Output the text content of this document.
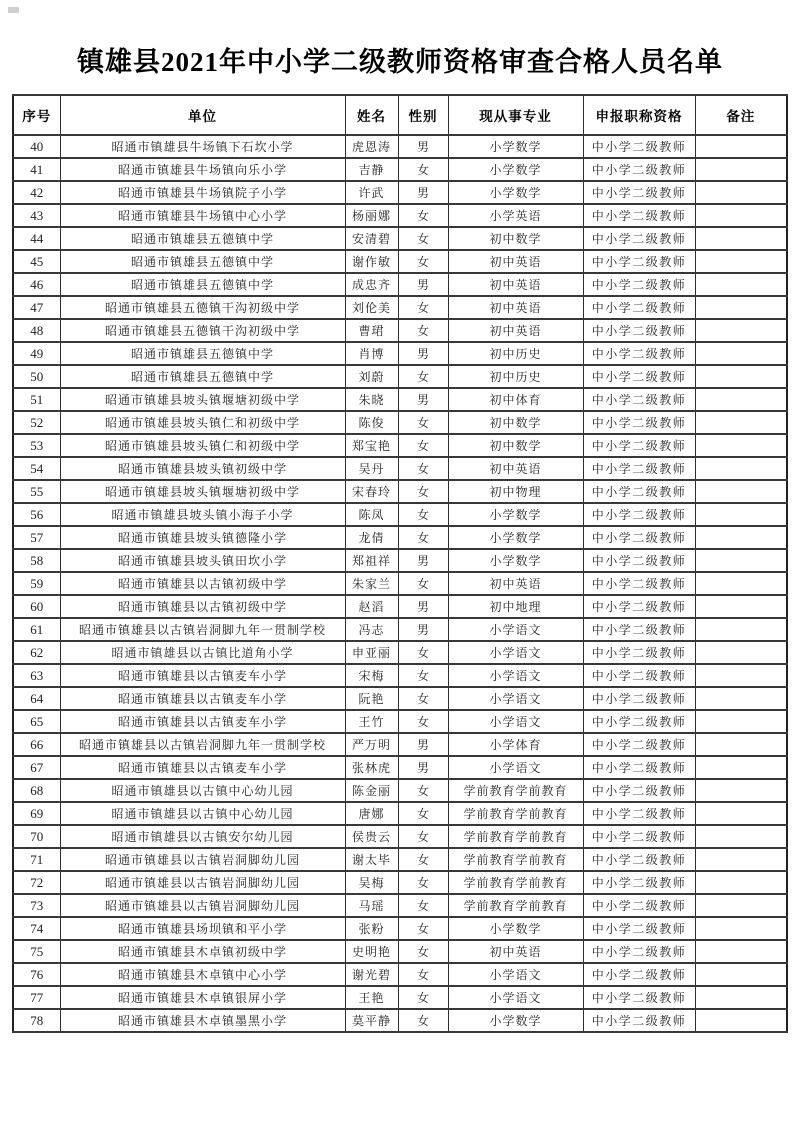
镇雄县2021年中小学二级教师资格审查合格人员名单
序号	单位	姓名	性别	现从事专业	申报职称资格	备注
40	昭通市镇雄县牛场镇下石坎小学	虎恩涛	男	小学数学	中小学二级教师	
41	昭通市镇雄县牛场镇向乐小学	吉静	女	小学数学	中小学二级教师	
42	昭通市镇雄县牛场镇院子小学	许武	男	小学数学	中小学二级教师	
43	昭通市镇雄县牛场镇中心小学	杨丽娜	女	小学英语	中小学二级教师	
44	昭通市镇雄县五德镇中学	安清碧	女	初中数学	中小学二级教师	
45	昭通市镇雄县五德镇中学	谢作敏	女	初中英语	中小学二级教师	
46	昭通市镇雄县五德镇中学	成忠齐	男	初中英语	中小学二级教师	
47	昭通市镇雄县五德镇干沟初级中学	刘伦美	女	初中英语	中小学二级教师	
48	昭通市镇雄县五德镇干沟初级中学	曹珺	女	初中英语	中小学二级教师	
49	昭通市镇雄县五德镇中学	肖博	男	初中历史	中小学二级教师	
50	昭通市镇雄县五德镇中学	刘蔚	女	初中历史	中小学二级教师	
51	昭通市镇雄县坡头镇堰塘初级中学	朱晓	男	初中体育	中小学二级教师	
52	昭通市镇雄县坡头镇仁和初级中学	陈俊	女	初中数学	中小学二级教师	
53	昭通市镇雄县坡头镇仁和初级中学	郑宝艳	女	初中数学	中小学二级教师	
54	昭通市镇雄县坡头镇初级中学	吴丹	女	初中英语	中小学二级教师	
55	昭通市镇雄县坡头镇堰塘初级中学	宋春玲	女	初中物理	中小学二级教师	
56	昭通市镇雄县坡头镇小海子小学	陈凤	女	小学数学	中小学二级教师	
57	昭通市镇雄县坡头镇德隆小学	龙倩	女	小学数学	中小学二级教师	
58	昭通市镇雄县坡头镇田坎小学	郑祖祥	男	小学数学	中小学二级教师	
59	昭通市镇雄县以古镇初级中学	朱家兰	女	初中英语	中小学二级教师	
60	昭通市镇雄县以古镇初级中学	赵滔	男	初中地理	中小学二级教师	
61	昭通市镇雄县以古镇岩洞脚九年一贯制学校	冯志	男	小学语文	中小学二级教师	
62	昭通市镇雄县以古镇比道角小学	申亚丽	女	小学语文	中小学二级教师	
63	昭通市镇雄县以古镇麦车小学	宋梅	女	小学语文	中小学二级教师	
64	昭通市镇雄县以古镇麦车小学	阮艳	女	小学语文	中小学二级教师	
65	昭通市镇雄县以古镇麦车小学	王竹	女	小学语文	中小学二级教师	
66	昭通市镇雄县以古镇岩洞脚九年一贯制学校	严万明	男	小学体育	中小学二级教师	
67	昭通市镇雄县以古镇麦车小学	张林虎	男	小学语文	中小学二级教师	
68	昭通市镇雄县以古镇中心幼儿园	陈金丽	女	学前教育学前教育	中小学二级教师	
69	昭通市镇雄县以古镇中心幼儿园	唐娜	女	学前教育学前教育	中小学二级教师	
70	昭通市镇雄县以古镇安尔幼儿园	侯贵云	女	学前教育学前教育	中小学二级教师	
71	昭通市镇雄县以古镇岩洞脚幼儿园	谢太毕	女	学前教育学前教育	中小学二级教师	
72	昭通市镇雄县以古镇岩洞脚幼儿园	吴梅	女	学前教育学前教育	中小学二级教师	
73	昭通市镇雄县以古镇岩洞脚幼儿园	马瑶	女	学前教育学前教育	中小学二级教师	
74	昭通市镇雄县场坝镇和平小学	张粉	女	小学数学	中小学二级教师	
75	昭通市镇雄县木卓镇初级中学	史明艳	女	初中英语	中小学二级教师	
76	昭通市镇雄县木卓镇中心小学	谢光碧	女	小学语文	中小学二级教师	
77	昭通市镇雄县木卓镇银屏小学	王艳	女	小学语文	中小学二级教师	
78	昭通市镇雄县木卓镇墨黑小学	莫平静	女	小学数学	中小学二级教师	
